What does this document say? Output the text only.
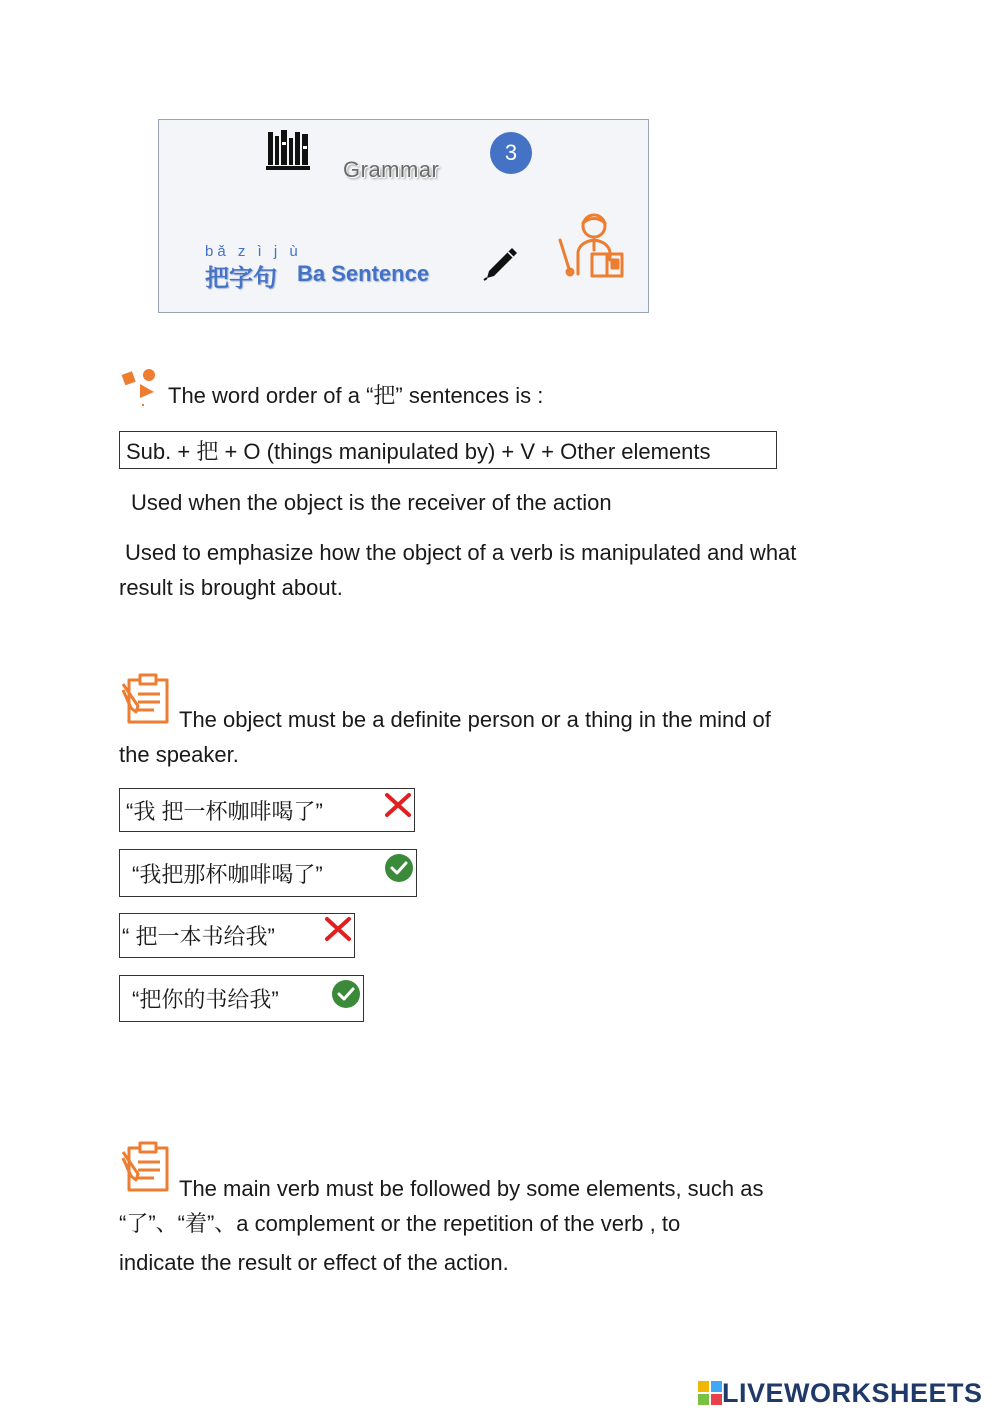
Grammar
3
bǎ z ì j ù
把字句 Ba Sentence
The word order of a “把” sentences is :
Sub. + 把 + O (things manipulated by) + V + Other elements
Used when the object is the receiver of the action
Used to emphasize how the object of a verb is manipulated and what
result is brought about.
The object must be a definite person or a thing in the mind of
the speaker.
“我 把一杯咖啡喝了”
“我把那杯咖啡喝了”
“ 把一本书给我”
“把你的书给我”
The main verb must be followed by some elements, such as
“了”、“着”、a complement or the repetition of the verb , to
indicate the result or effect of the action.
LIVEWORKSHEETS
